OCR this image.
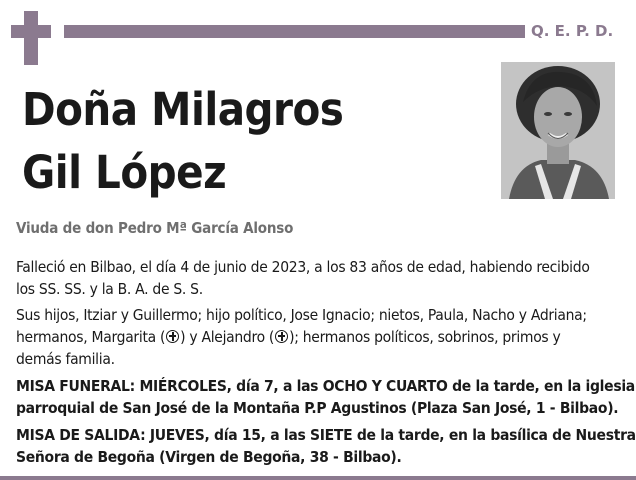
Q. E. P. D.
Doña Milagros
Gil López
Viuda de don Pedro Mª García Alonso
Falleció en Bilbao, el día 4 de junio de 2023, a los 83 años de edad, habiendo recibido
los SS. SS. y la B. A. de S. S.
Sus hijos, Itziar y Guillermo; hijo político, Jose Ignacio; nietos, Paula, Nacho y Adriana;
hermanos, Margarita ( ) y Alejandro ( ); hermanos políticos, sobrinos, primos y
demás familia.
MISA FUNERAL: MIÉRCOLES, día 7, a las OCHO Y CUARTO de la tarde, en la iglesia
parroquial de San José de la Montaña P.P Agustinos (Plaza San José, 1 - Bilbao).
MISA DE SALIDA: JUEVES, día 15, a las SIETE de la tarde, en la basílica de Nuestra
Señora de Begoña (Virgen de Begoña, 38 - Bilbao).
